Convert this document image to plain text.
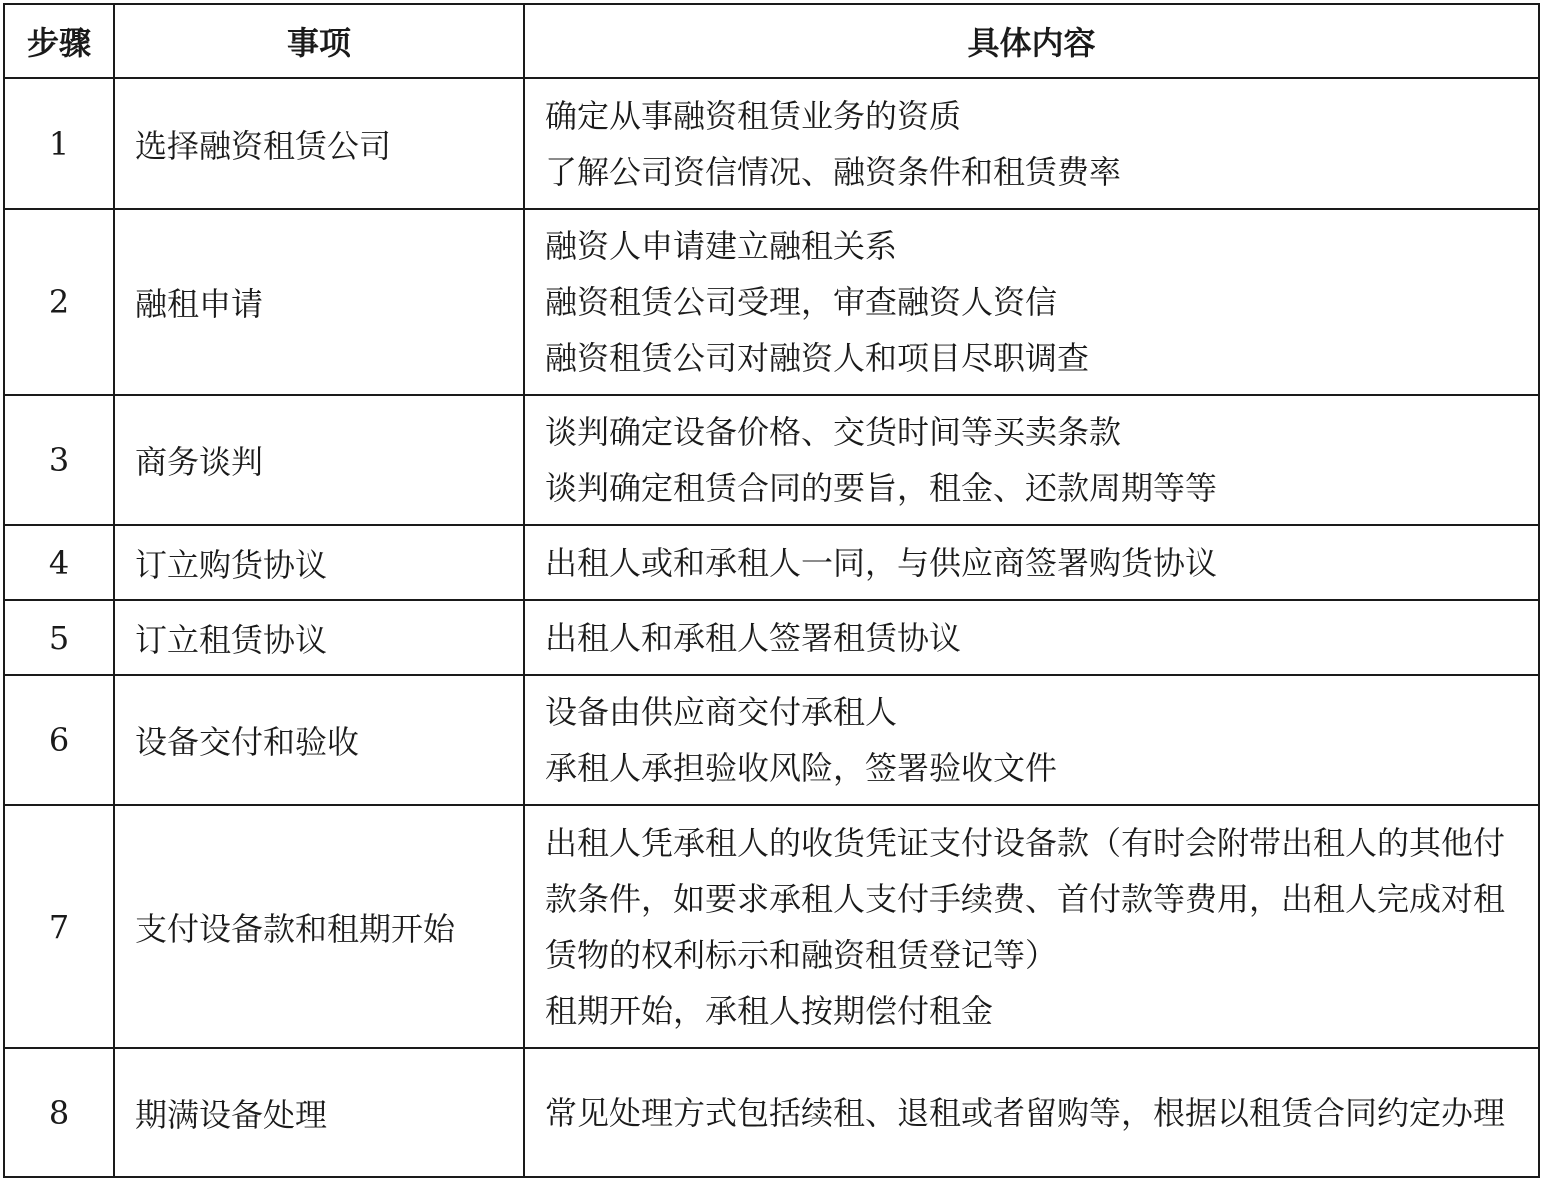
步骤	事项	具体内容
1	选择融资租赁公司	确定从事融资租赁业务的资质
了解公司资信情况、融资条件和租赁费率

2	融租申请	融资人申请建立融租关系
融资租赁公司受理，审查融资人资信
融资租赁公司对融资人和项目尽职调查

3	商务谈判	谈判确定设备价格、交货时间等买卖条款
谈判确定租赁合同的要旨，租金、还款周期等等

4	订立购货协议	出租人或和承租人一同，与供应商签署购货协议

5	订立租赁协议	出租人和承租人签署租赁协议

6	设备交付和验收	设备由供应商交付承租人
承租人承担验收风险，签署验收文件

7	支付设备款和租期开始	出租人凭承租人的收货凭证支付设备款（有时会附带出租人的其他付款条件，如要求承租人支付手续费、首付款等费用，出租人完成对租赁物的权利标示和融资租赁登记等）
租期开始，承租人按期偿付租金

8	期满设备处理	常见处理方式包括续租、退租或者留购等，根据以租赁合同约定办理
